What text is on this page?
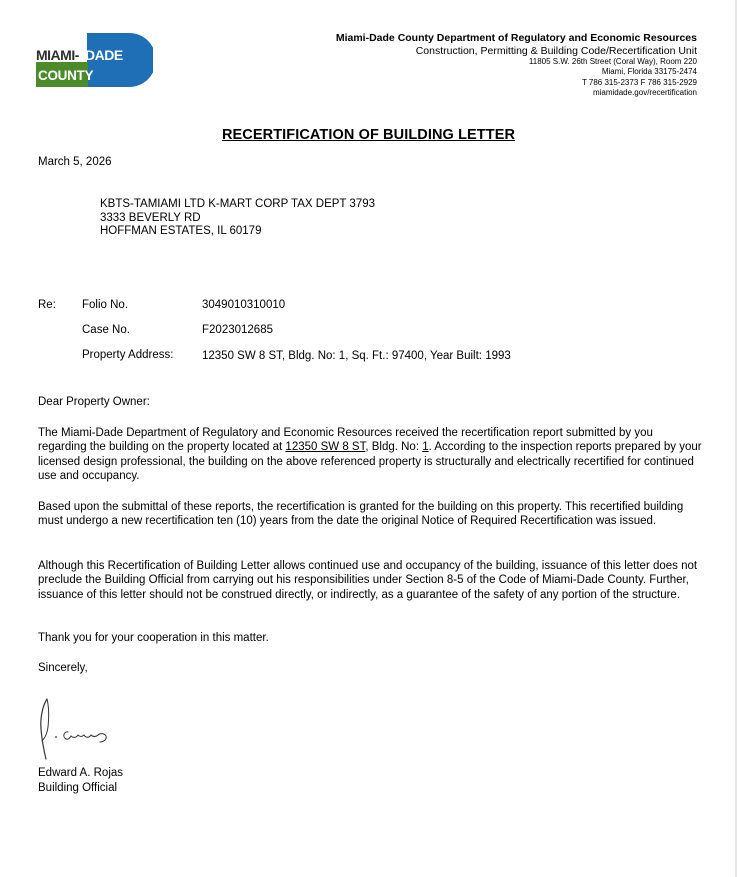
MIAMI- DADE
COUNTY
Miami-Dade County Department of Regulatory and Economic Resources
Construction, Permitting & Building Code/Recertification Unit
11805 S.W. 26th Street (Coral Way), Room 220
Miami, Florida 33175-2474
T 786 315-2373 F 786 315-2929
miamidade.gov/recertification
RECERTIFICATION OF BUILDING LETTER
March 5, 2026
KBTS-TAMIAMI LTD K-MART CORP TAX DEPT 3793
3333 BEVERLY RD
HOFFMAN ESTATES, IL 60179
Re: Folio No.	3049010310010
Case No.	F2023012685
Property Address: 12350 SW 8 ST, Bldg. No: 1, Sq. Ft.: 97400, Year Built: 1993
Dear Property Owner:
The Miami-Dade Department of Regulatory and Economic Resources received the recertification report submitted by you regarding the building on the property located at 12350 SW 8 ST, Bldg. No: 1. According to the inspection reports prepared by your licensed design professional, the building on the above referenced property is structurally and electrically recertified for continued use and occupancy.
Based upon the submittal of these reports, the recertification is granted for the building on this property. This recertified building must undergo a new recertification ten (10) years from the date the original Notice of Required Recertification was issued.
Although this Recertification of Building Letter allows continued use and occupancy of the building, issuance of this letter does not preclude the Building Official from carrying out his responsibilities under Section 8-5 of the Code of Miami-Dade County. Further, issuance of this letter should not be construed directly, or indirectly, as a guarantee of the safety of any portion of the structure.
Thank you for your cooperation in this matter.
Sincerely,
Edward A. Rojas
Building Official
